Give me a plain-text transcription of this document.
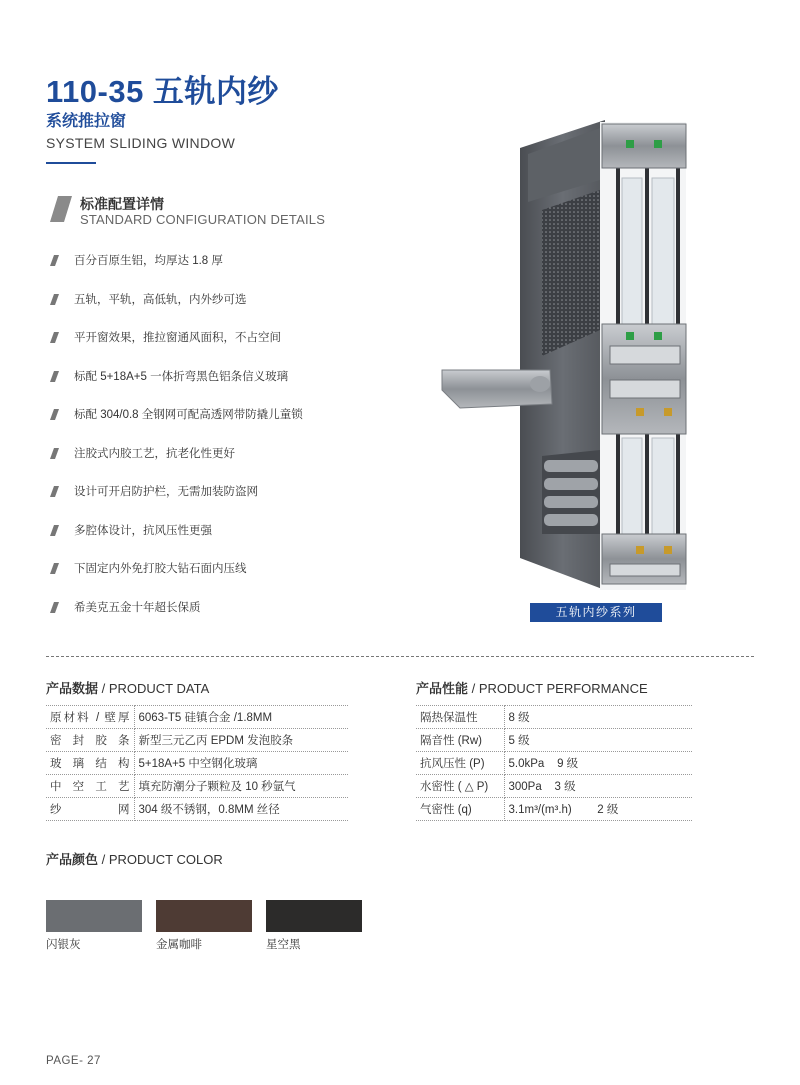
110-35 五轨内纱
系统推拉窗
SYSTEM SLIDING WINDOW
标准配置详情
STANDARD CONFIGURATION DETAILS
百分百原生铝，均厚达 1.8 厚
五轨，平轨，高低轨，内外纱可选
平开窗效果，推拉窗通风面积，不占空间
标配 5+18A+5 一体折弯黑色铝条信义玻璃
标配 304/0.8 全钢网可配高透网带防撬儿童锁
注胶式内胶工艺，抗老化性更好
设计可开启防护栏，无需加装防盗网
多腔体设计，抗风压性更强
下固定内外免打胶大钻石面内压线
希美克五金十年超长保质	五轨内纱系列
产品数据 / PRODUCT DATA
原材料 / 壁厚	6063-T5 硅镇合金 /1.8MM
密封胶条	新型三元乙丙 EPDM 发泡胶条
玻璃结构	5+18A+5 中空钢化玻璃
中空工艺	填充防潮分子颗粒及 10 秒氩气
纱网	304 级不锈钢，0.8MM 丝径
产品性能 / PRODUCT PERFORMANCE
隔热保温性	8 级
隔音性 (Rw)	5 级
抗风压性 (P)	5.0kPa    9 级
水密性 ( △ P)	300Pa    3 级
气密性 (q)	3.1m³/(m³.h)        2 级
产品颜色 / PRODUCT COLOR
闪银灰	金属咖啡	星空黑
PAGE- 27
